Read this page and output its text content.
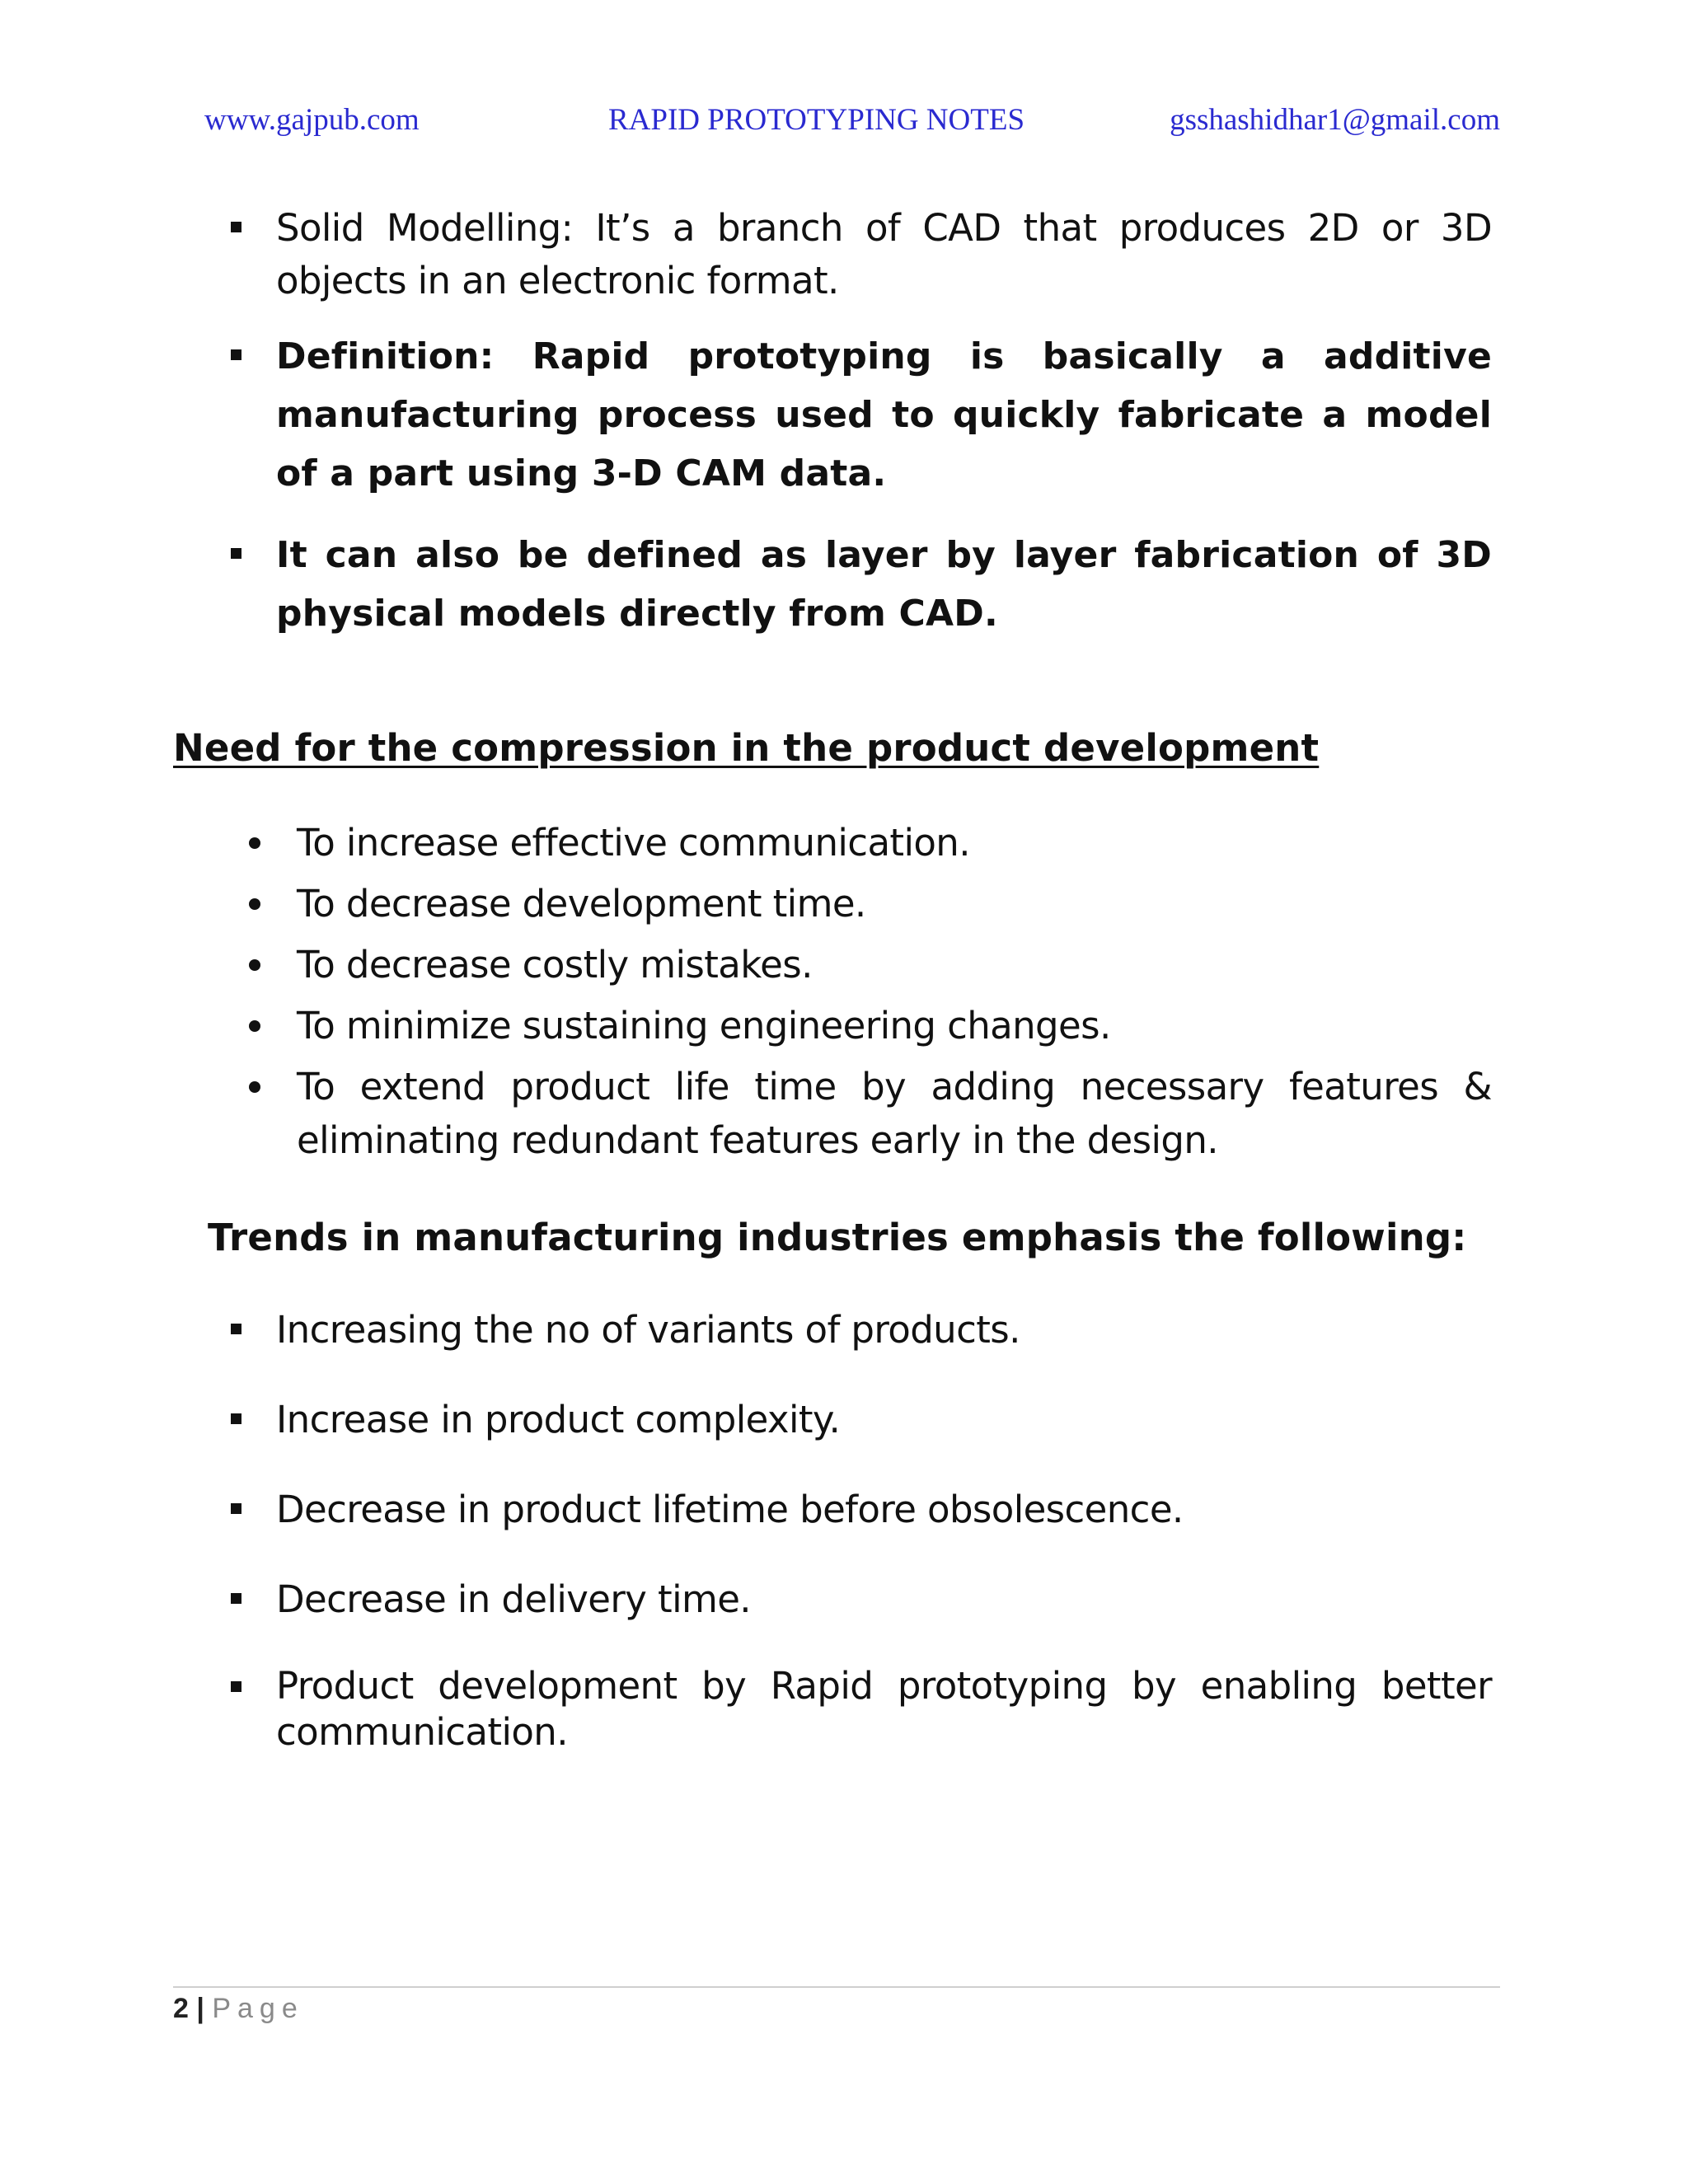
www.gajpub.com	RAPID PROTOTYPING NOTES	gsshashidhar1@gmail.com
Solid Modelling: It’s a branch of CAD that produces 2D or 3D objects in an electronic format.
Definition: Rapid prototyping is basically a additive manufacturing process used to quickly fabricate a model of a part using 3-D CAM data.
It can also be defined as layer by layer fabrication of 3D physical models directly from CAD.
Need for the compression in the product development
To increase effective communication.
To decrease development time.
To decrease costly mistakes.
To minimize sustaining engineering changes.
To extend product life time by adding necessary features & eliminating redundant features early in the design.
Trends in manufacturing industries emphasis the following:
Increasing the no of variants of products.
Increase in product complexity.
Decrease in product lifetime before obsolescence.
Decrease in delivery time.
Product development by Rapid prototyping by enabling better communication.
2 | Page
